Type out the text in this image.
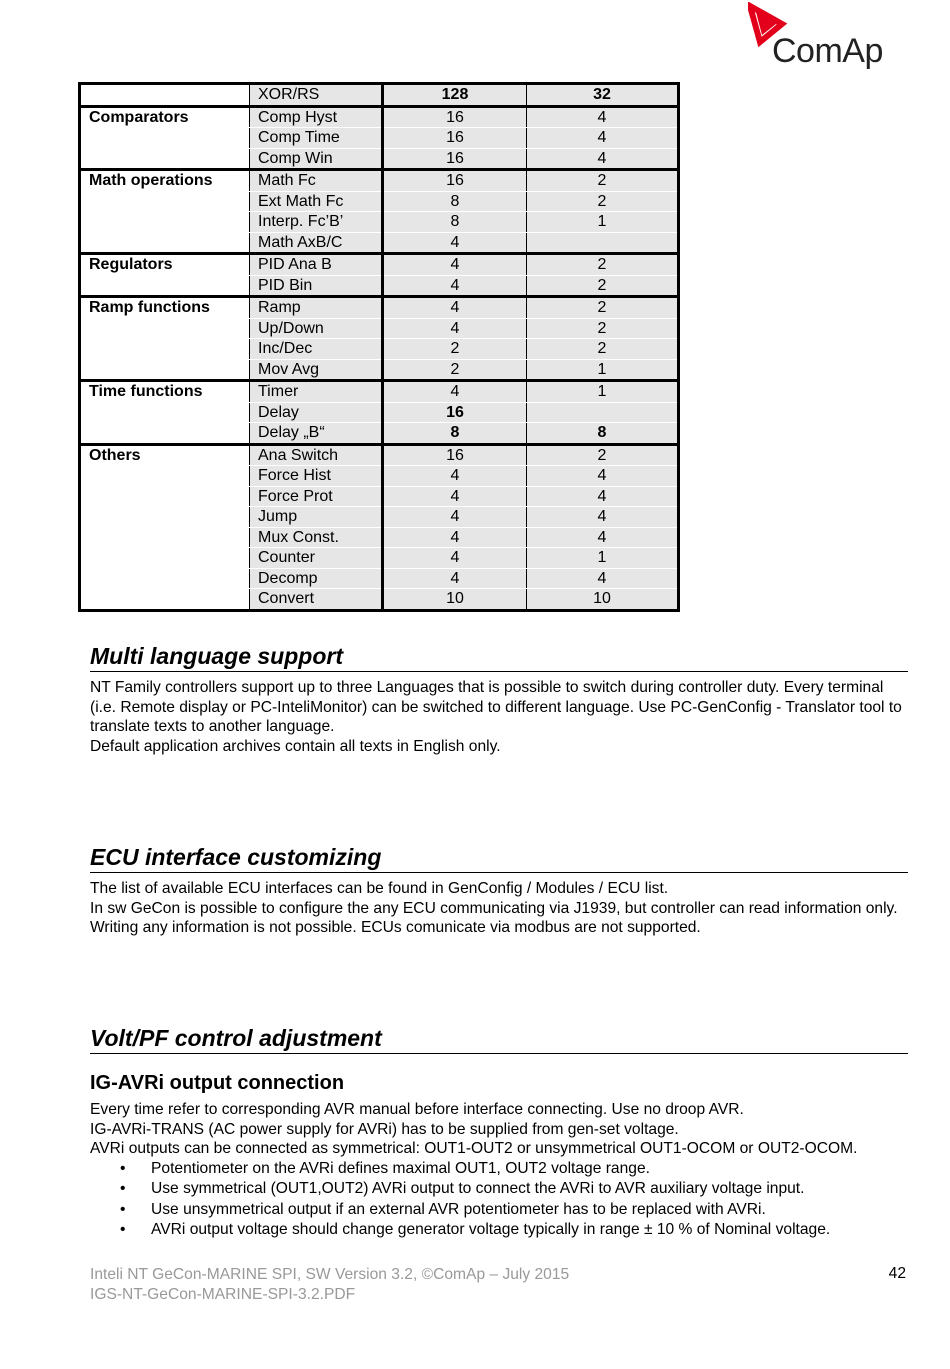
ComAp
	XOR/RS	128	32
Comparators	Comp Hyst	16	4
	Comp Time	16	4
	Comp Win	16	4
Math operations	Math Fc	16	2
	Ext Math Fc	8	2
	Interp. Fc’B’	8	1
	Math AxB/C	4	
Regulators	PID Ana B	4	2
	PID Bin	4	2
Ramp functions	Ramp	4	2
	Up/Down	4	2
	Inc/Dec	2	2
	Mov Avg	2	1
Time functions	Timer	4	1
	Delay	16	
	Delay „B“	8	8
Others	Ana Switch	16	2
	Force Hist	4	4
	Force Prot	4	4
	Jump	4	4
	Mux Const.	4	4
	Counter	4	1
	Decomp	4	4
	Convert	10	10
Multi language support

NT Family controllers support up to three Languages that is possible to switch during controller duty. Every terminal (i.e. Remote display or PC-InteliMonitor) can be switched to different language. Use PC-GenConfig - Translator tool to translate texts to another language.

Default application archives contain all texts in English only.

ECU interface customizing

The list of available ECU interfaces can be found in GenConfig / Modules / ECU list.

In sw GeCon is possible to configure the any ECU communicating via J1939, but controller can read information only. Writing any information is not possible. ECUs comunicate via modbus are not supported.

Volt/PF control adjustment
IG-AVRi output connection

Every time refer to corresponding AVR manual before interface connecting. Use no droop AVR.

IG-AVRi-TRANS (AC power supply for AVRi) has to be supplied from gen-set voltage.

AVRi outputs can be connected as symmetrical: OUT1-OUT2 or unsymmetrical OUT1-OCOM or OUT2-OCOM.

• Potentiometer on the AVRi defines maximal OUT1, OUT2 voltage range.
• Use symmetrical (OUT1,OUT2) AVRi output to connect the AVRi to AVR auxiliary voltage input.
• Use unsymmetrical output if an external AVR potentiometer has to be replaced with AVRi.
• AVRi output voltage should change generator voltage typically in range ± 10 % of Nominal voltage.
Inteli NT GeCon-MARINE SPI, SW Version 3.2, ©ComAp – July 2015
IGS-NT-GeCon-MARINE-SPI-3.2.PDF
42
